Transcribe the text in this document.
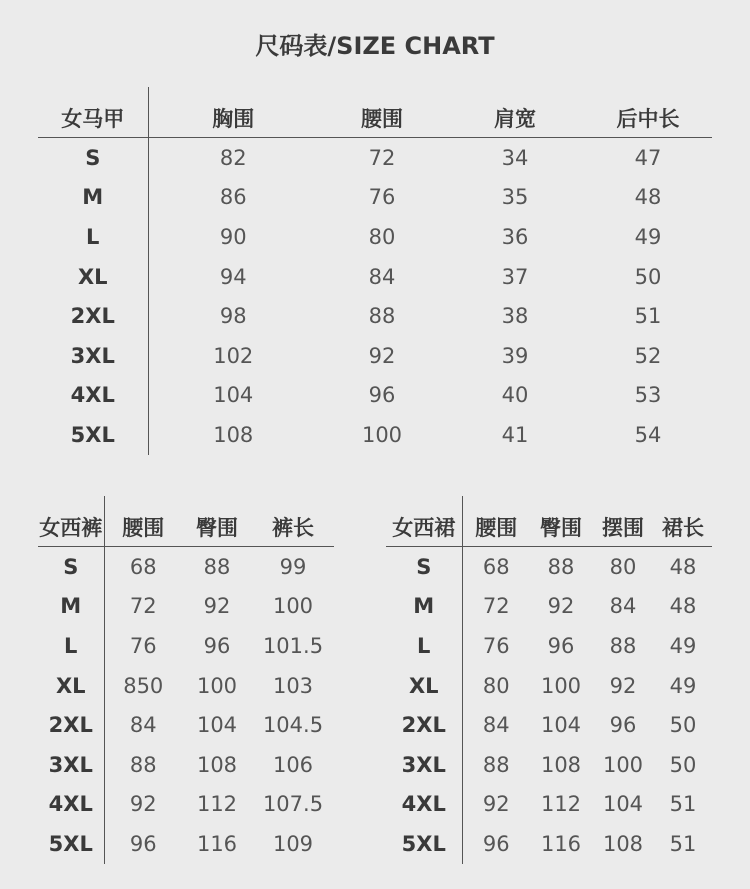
尺码表/SIZE CHART
女马甲	胸围	腰围	肩宽	后中长
S	82	72	34	47
M	86	76	35	48
L	90	80	36	49
XL	94	84	37	50
2XL	98	88	38	51
3XL	102	92	39	52
4XL	104	96	40	53
5XL	108	100	41	54
女西裤	腰围	臀围	裤长
S	68	88	99
M	72	92	100
L	76	96	101.5
XL	850	100	103
2XL	84	104	104.5
3XL	88	108	106
4XL	92	112	107.5
5XL	96	116	109
女西裙	腰围	臀围	摆围	裙长
S	68	88	80	48
M	72	92	84	48
L	76	96	88	49
XL	80	100	92	49
2XL	84	104	96	50
3XL	88	108	100	50
4XL	92	112	104	51
5XL	96	116	108	51
